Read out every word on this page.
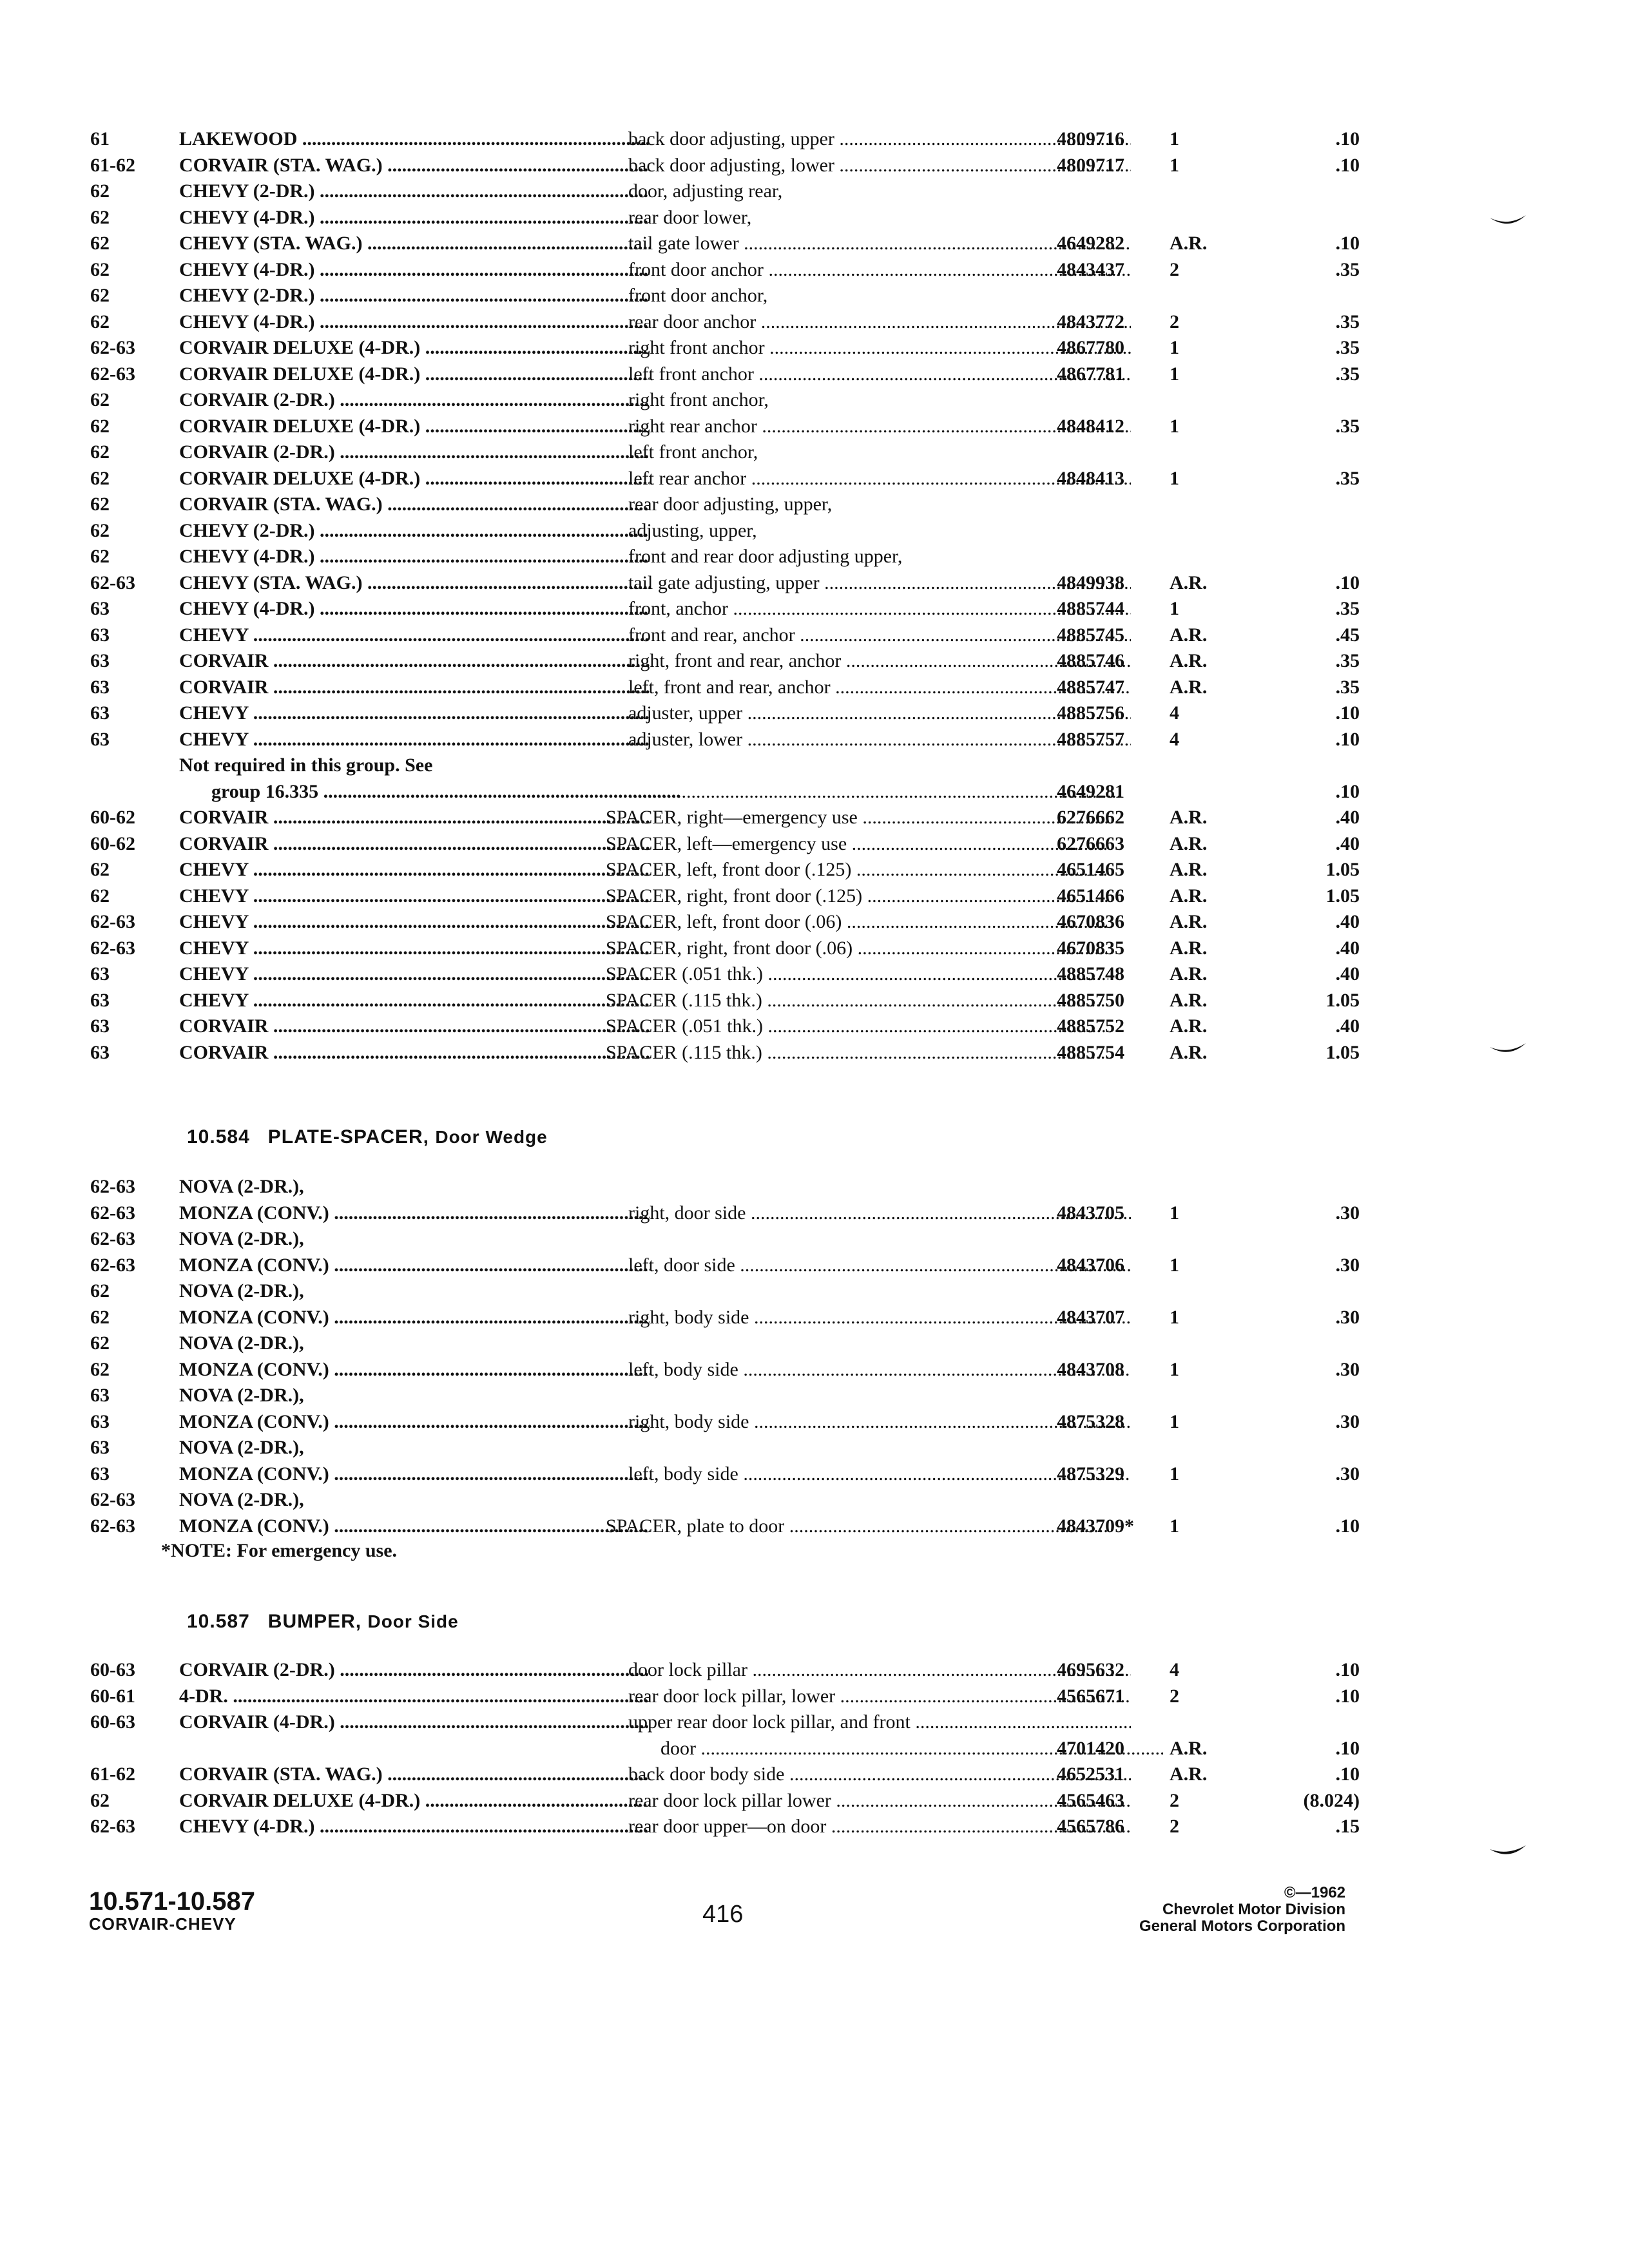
61	LAKEWOOD .....	back door adjusting, upper .....	4809716	1	.10
61-62	CORVAIR (STA. WAG.) .....	back door adjusting, lower .....	4809717	1	.10
62	CHEVY (2-DR.) .....	door, adjusting rear,
62	CHEVY (4-DR.) .....	rear door lower,
62	CHEVY (STA. WAG.) .....	tail gate lower .....	4649282	A.R.	.10
62	CHEVY (4-DR.) .....	front door anchor .....	4843437	2	.35
62	CHEVY (2-DR.) .....	front door anchor,
62	CHEVY (4-DR.) .....	rear door anchor .....	4843772	2	.35
62-63	CORVAIR DELUXE (4-DR.) .....	right front anchor .....	4867780	1	.35
62-63	CORVAIR DELUXE (4-DR.) .....	left front anchor .....	4867781	1	.35
62	CORVAIR (2-DR.) .....	right front anchor,
62	CORVAIR DELUXE (4-DR.) .....	right rear anchor .....	4848412	1	.35
62	CORVAIR (2-DR.) .....	left front anchor,
62	CORVAIR DELUXE (4-DR.) .....	left rear anchor .....	4848413	1	.35
62	CORVAIR (STA. WAG.) .....	rear door adjusting, upper,
62	CHEVY (2-DR.) .....	adjusting, upper,
62	CHEVY (4-DR.) .....	front and rear door adjusting upper,
62-63	CHEVY (STA. WAG.) .....	tail gate adjusting, upper .....	4849938	A.R.	.10
63	CHEVY (4-DR.) .....	front, anchor .....	4885744	1	.35
63	CHEVY .....	front and rear, anchor .....	4885745	A.R.	.45
63	CORVAIR .....	right, front and rear, anchor .....	4885746	A.R.	.35
63	CORVAIR .....	left, front and rear, anchor .....	4885747	A.R.	.35
63	CHEVY .....	adjuster, upper .....	4885756	4	.10
63	CHEVY .....	adjuster, lower .....	4885757	4	.10
Not required in this group. See
group 16.335 .....
.....	4649281	.10
60-62	CORVAIR .....	SPACER, right—emergency use .....	6276662	A.R.	.40
60-62	CORVAIR .....	SPACER, left—emergency use .....	6276663	A.R.	.40
62	CHEVY .....	SPACER, left, front door (.125) .....	4651465	A.R.	1.05
62	CHEVY .....	SPACER, right, front door (.125) .....	4651466	A.R.	1.05
62-63	CHEVY .....	SPACER, left, front door (.06) .....	4670836	A.R.	.40
62-63	CHEVY .....	SPACER, right, front door (.06) .....	4670835	A.R.	.40
63	CHEVY .....	SPACER (.051 thk.) .....	4885748	A.R.	.40
63	CHEVY .....	SPACER (.115 thk.) .....	4885750	A.R.	1.05
63	CORVAIR .....	SPACER (.051 thk.) .....	4885752	A.R.	.40
63	CORVAIR .....	SPACER (.115 thk.) .....	4885754	A.R.	1.05
10.584 PLATE-SPACER, Door Wedge
62-63	NOVA (2-DR.),
62-63	MONZA (CONV.) .....	right, door side .....	4843705	1	.30
62-63	NOVA (2-DR.),
62-63	MONZA (CONV.) .....	left, door side .....	4843706	1	.30
62	NOVA (2-DR.),
62	MONZA (CONV.) .....	right, body side .....	4843707	1	.30
62	NOVA (2-DR.),
62	MONZA (CONV.) .....	left, body side .....	4843708	1	.30
63	NOVA (2-DR.),
63	MONZA (CONV.) .....	right, body side .....	4875328	1	.30
63	NOVA (2-DR.),
63	MONZA (CONV.) .....	left, body side .....	4875329	1	.30
62-63	NOVA (2-DR.),
62-63	MONZA (CONV.) .....	SPACER, plate to door .....	4843709*	1	.10
*NOTE: For emergency use.
10.587 BUMPER, Door Side
60-63	CORVAIR (2-DR.) .....	door lock pillar .....	4695632	4	.10
60-61	4-DR. .....	rear door lock pillar, lower .....	4565671	2	.10
60-63	CORVAIR (4-DR.) .....	upper rear door lock pillar, and front .....
door .....	4701420	A.R.	.10
61-62	CORVAIR (STA. WAG.) .....	back door body side .....	4652531	A.R.	.10
62	CORVAIR DELUXE (4-DR.) .....	rear door lock pillar lower .....	4565463	2	(8.024)
62-63	CHEVY (4-DR.) .....	rear door upper—on door .....	4565786	2	.15
10.571-10.587
CORVAIR-CHEVY	416
©—1962
Chevrolet Motor Division
General Motors Corporation
